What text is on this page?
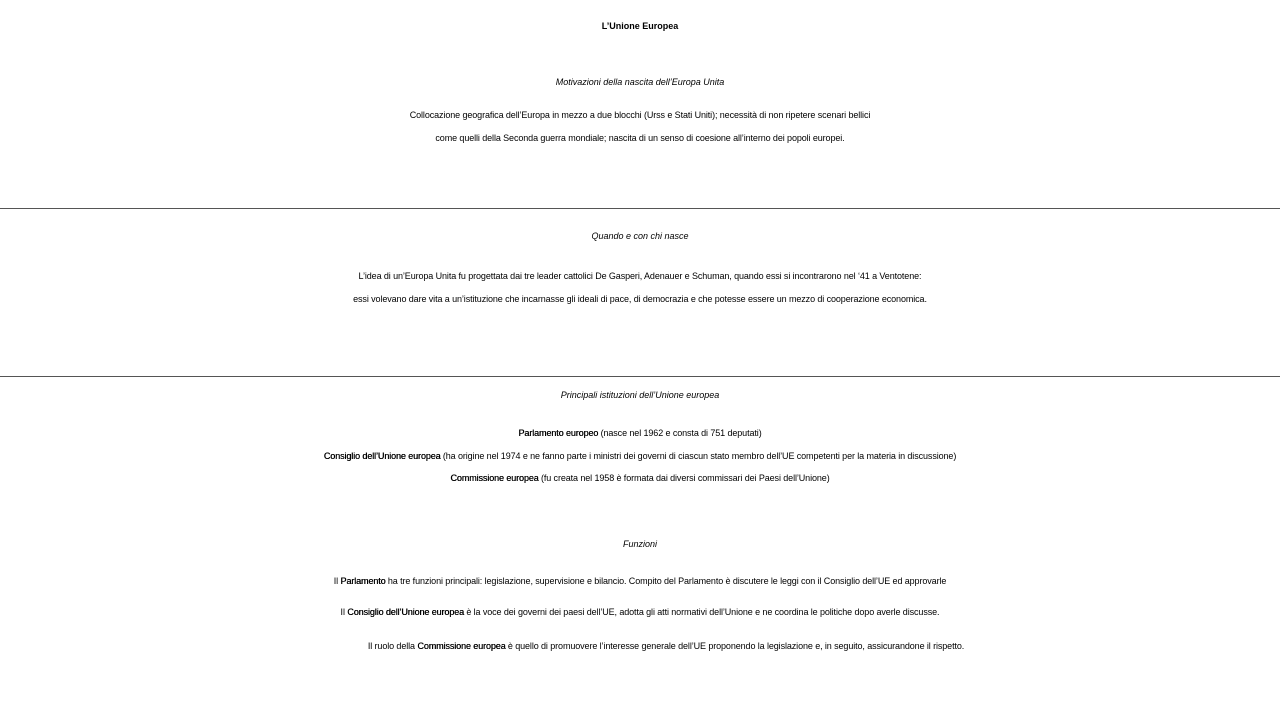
L’Unione Europea
Motivazioni della nascita dell’Europa Unita
Collocazione geografica dell’Europa in mezzo a due blocchi (Urss e Stati Uniti); necessità di non ripetere scenari bellici
come quelli della Seconda guerra mondiale; nascita di un senso di coesione all’interno dei popoli europei.
Quando e con chi nasce
L’idea di un’Europa Unita fu progettata dai tre leader cattolici De Gasperi, Adenauer e Schuman, quando essi si incontrarono nel ‘41 a Ventotene:
essi volevano dare vita a un’istituzione che incarnasse gli ideali di pace, di democrazia e che potesse essere un mezzo di cooperazione economica.
Principali istituzioni dell’Unione europea
Parlamento europeo (nasce nel 1962 e consta di 751 deputati)
Consiglio dell’Unione europea (ha origine nel 1974 e ne fanno parte i ministri dei governi di ciascun stato membro dell’UE competenti per la materia in discussione)
Commissione europea (fu creata nel 1958 è formata dai diversi commissari dei Paesi dell’Unione)
Funzioni
Il Parlamento ha tre funzioni principali: legislazione, supervisione e bilancio. Compito del Parlamento è discutere le leggi con il Consiglio dell’UE ed approvarle
Il Consiglio dell’Unione europea è la voce dei governi dei paesi dell’UE, adotta gli atti normativi dell’Unione e ne coordina le politiche dopo averle discusse.
Il ruolo della Commissione europea è quello di promuovere l’interesse generale dell’UE proponendo la legislazione e, in seguito, assicurandone il rispetto.
